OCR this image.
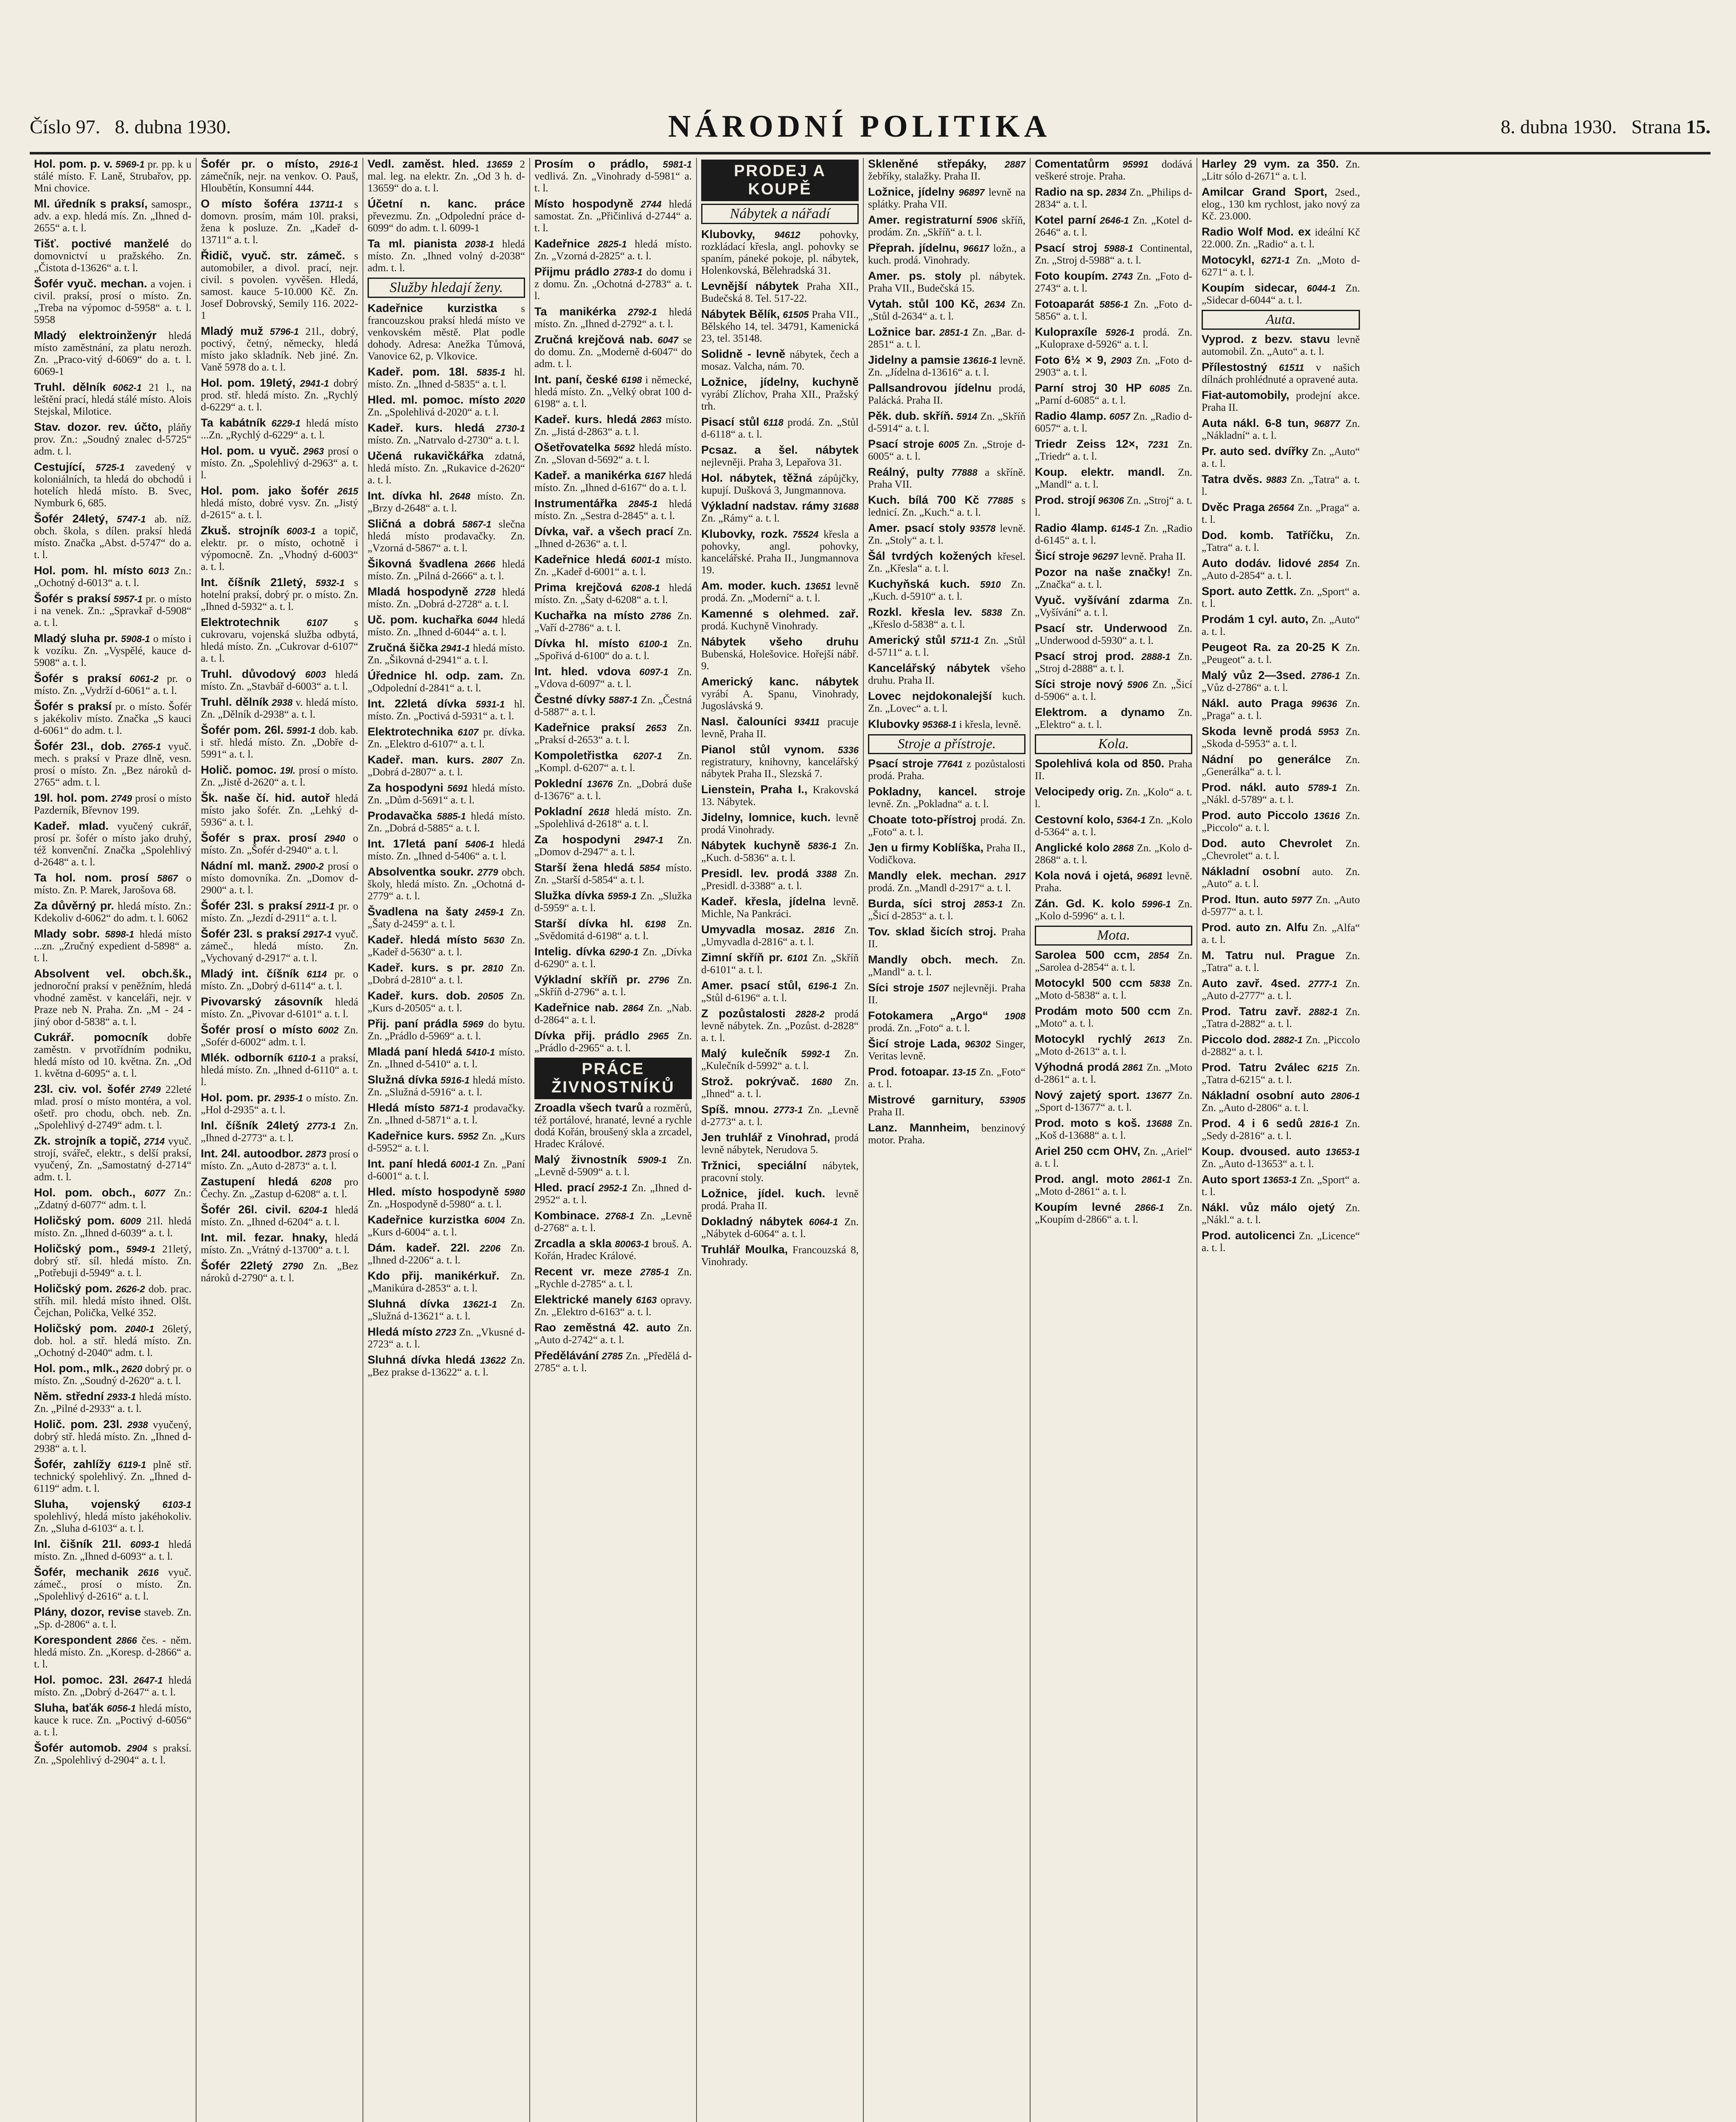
Číslo 97. 8. dubna 1930.	NÁRODNÍ POLITIKA	8. dubna 1930. Strana 15.
Hol. pom. p. v. 5969-1 pr. pp. k u stálé místo. F. Laně, Strubařov, pp. Mni chovice.
Ml. úředník s praksí, samospr., adv. a exp. hledá mís. Zn. „Ihned d-2655“ a. t. l.
Tišť. poctivé manželé do domovnictví u pražského. Zn. „Čistota d-13626“ a. t. l.
Šofér vyuč. mechan. a vojen. i civil. praksí, prosí o místo. Zn. „Treba na výpomoc d-5958“ a. t. l. 5958
Mladý elektroinženýr hledá místo zaměstnání, za platu nerozh. Zn. „Praco-vitý d-6069“ do a. t. l. 6069-1
Truhl. dělník 6062-1 21 l., na leštění prací, hledá stálé místo. Alois Stejskal, Milotice.
Stav. dozor. rev. účto, pláňy prov. Zn.: „Soudný znalec d-5725“ adm. t. l.
Cestující, 5725-1 zavedený v koloniálních, ta hledá do obchodů i hotelích hledá místo. B. Svec, Nymburk 6, 685.
Šofér 24letý, 5747-1 ab. níž. obch. škola, s dílen. praksí hledá místo. Značka „Abst. d-5747“ do a. t. l.
Hol. pom. hl. místo 6013 Zn.: „Ochotný d-6013“ a. t. l.
Šofér s praksí 5957-1 pr. o místo i na venek. Zn.: „Spravkař d-5908“ a. t. l.
Mladý sluha pr. 5908-1 o místo i k vozíku. Zn. „Vyspělé, kauce d-5908“ a. t. l.
Šofér s praksí 6061-2 pr. o místo. Zn. „Vydrží d-6061“ a. t. l.
Šofér s praksí pr. o místo. Šofér s jakékoliv místo. Značka „S kauci d-6061“ do adm. t. l.
Šofér 23l., dob. 2765-1 vyuč. mech. s praksí v Praze dlně, vesn. prosí o místo. Zn. „Bez nároků d-2765“ adm. t. l.
19l. hol. pom. 2749 prosí o místo Pazderník, Břevnov 199.
Kadeř. mlad. vyučený cukrář, prosí pr. šofér o místo jako druhý, též konvenční. Značka „Spolehlivý d-2648“ a. t. l.
Ta hol. nom. prosí 5867 o místo. Zn. P. Marek, Jarošova 68.
Za důvěrný pr. hledá místo. Zn.: Kdekoliv d-6062“ do adm. t. l. 6062
Mlady sobr. 5898-1 hledá místo ...zn. „Zručný expedient d-5898“ a. t. l.
Absolvent vel. obch.šk., jednoroční praksí v peněžním, hledá vhodné zaměst. v kanceláři, nejr. v Praze neb N. Praha. Zn. „M - 24 - jiný obor d-5838“ a. t. l.
Cukrář. pomocník dobře zaměstn. v prvotřídním podniku, hledá místo od 10. května. Zn. „Od 1. května d-6095“ a. t. l.
23l. civ. vol. šofér 2749 22leté mlad. prosí o místo montéra, a vol. ošetř. pro chodu, obch. neb. Zn. „Spolehlivý d-2749“ adm. t. l.
Zk. strojník a topič, 2714 vyuč. strojí, svářeč, elektr., s delší praksí, vyučený, Zn. „Samostatný d-2714“ adm. t. l.
Hol. pom. obch., 6077 Zn.: „Zdatný d-6077“ adm. t. l.
Holičský pom. 6009 21l. hledá místo. Zn. „Ihned d-6039“ a. t. l.
Holičský pom., 5949-1 21letý, dobrý stř. síl. hledá místo. Zn. „Potřebuji d-5949“ a. t. l.
Holičský pom. 2626-2 dob. prac. stříh. mil. hledá místo ihned. Olšt. Čejchan, Polička, Velké 352.
Holičský pom. 2040-1 26letý, dob. hol. a stř. hledá místo. Zn. „Ochotný d-2040“ adm. t. l.
Hol. pom., mlk., 2620 dobrý pr. o místo. Zn. „Soudný d-2620“ a. t. l.
Něm. střední 2933-1 hledá místo. Zn. „Pilné d-2933“ a. t. l.
Holič. pom. 23l. 2938 vyučený, dobrý stř. hledá místo. Zn. „Ihned d-2938“ a. t. l.
Šofér, zahlížy 6119-1 plně stř. technický spolehlivý. Zn. „Ihned d-6119“ adm. t. l.
Sluha, vojenský 6103-1 spolehlivý, hledá místo jakéhokoliv. Zn. „Sluha d-6103“ a. t. l.
Inl. čišník 21l. 6093-1 hledá místo. Zn. „Ihned d-6093“ a. t. l.
Šofér, mechanik 2616 vyuč. zámeč., prosí o místo. Zn. „Spolehlivý d-2616“ a. t. l.
Plány, dozor, revise staveb. Zn. „Sp. d-2806“ a. t. l.
Korespondent 2866 čes. - něm. hledá místo. Zn. „Koresp. d-2866“ a. t. l.
Hol. pomoc. 23l. 2647-1 hledá místo. Zn. „Dobrý d-2647“ a. t. l.
Sluha, baťák 6056-1 hledá místo, kauce k ruce. Zn. „Poctivý d-6056“ a. t. l.
Šofér automob. 2904 s praksí. Zn. „Spolehlivý d-2904“ a. t. l.
Šofér pr. o místo, 2916-1 zámečník, nejr. na venkov. O. Pauš, Hloubětín, Konsumní 444.
O místo šoféra 13711-1 s domovn. prosím, mám 10l. praksi, žena k posluze. Zn. „Kadeř d-13711“ a. t. l.
Řidič, vyuč. str. zámeč. s automobiler, a divol. prací, nejr. civil. s povolen. vyvěšen. Hledá, samost. kauce 5-10.000 Kč. Zn. Josef Dobrovský, Semily 116. 2022-1
Mladý muž 5796-1 21l., dobrý, poctivý, četný, německy, hledá místo jako skladník. Neb jiné. Zn. Vaně 5978 do a. t. l.
Hol. pom. 19letý, 2941-1 dobrý prod. stř. hledá místo. Zn. „Rychlý d-6229“ a. t. l.
Ta kabátník 6229-1 hledá místo ...Zn. „Rychlý d-6229“ a. t. l.
Hol. pom. u vyuč. 2963 prosí o místo. Zn. „Spolehlivý d-2963“ a. t. l.
Hol. pom. jako šofér 2615 hledá místo, dobré vysv. Zn. „Jistý d-2615“ a. t. l.
Zkuš. strojník 6003-1 a topič, elektr. pr. o místo, ochotně i výpomocně. Zn. „Vhodný d-6003“ a. t. l.
Int. číšník 21letý, 5932-1 s hotelní praksí, dobrý pr. o místo. Zn. „Ihned d-5932“ a. t. l.
Elektrotechnik	6107	s cukrovaru, vojenská služba odbytá, hledá místo. Zn. „Cukrovar d-6107“ a. t. l.
Truhl. důvodový 6003 hledá místo. Zn. „Stavbář d-6003“ a. t. l.
Truhl. dělník 2938 v. hledá místo. Zn. „Dělník d-2938“ a. t. l.
Šofér pom. 26l. 5991-1 dob. kab. i stř. hledá místo. Zn. „Dobře d-5991“ a. t. l.
Holič. pomoc. 19l. prosí o místo. Zn. „Jistě d-2620“ a. t. l.
Šk. naše čí. hid. autoř hledá místo jako šofér. Zn. „Lehký d-5936“ a. t. l.
Šofér s prax. prosí 2940 o místo. Zn. „Šofér d-2940“ a. t. l.
Nádní ml. manž. 2900-2 prosí o místo domovníka. Zn. „Domov d-2900“ a. t. l.
Šofér 23l. s praksí 2911-1 pr. o místo. Zn. „Jezdí d-2911“ a. t. l.
Šofér 23l. s praksí 2917-1 vyuč. zámeč., hledá místo. Zn. „Vychovaný d-2917“ a. t. l.
Mladý int. číšník 6114 pr. o místo. Zn. „Dobrý d-6114“ a. t. l.
Pivovarský zásovník hledá místo. Zn. „Pivovar d-6101“ a. t. l.
Šofér prosí o místo 6002 Zn. „Sofér d-6002“ adm. t. l.
Mlék. odborník 6110-1 a praksí, hledá místo. Zn. „Ihned d-6110“ a. t. l.
Hol. pom. pr. 2935-1 o místo. Zn. „Hol d-2935“ a. t. l.
Inl. číšník 24letý 2773-1 Zn. „Ihned d-2773“ a. t. l.
Int. 24l. autoodbor. 2873 prosí o místo. Zn. „Auto d-2873“ a. t. l.
Zastupení hledá 6208 pro Čechy. Zn. „Zastup d-6208“ a. t. l.
Šofér 26l. civil. 6204-1 hledá místo. Zn. „Ihned d-6204“ a. t. l.
Int. mil. fezar. hnaky, hledá místo. Zn. „Vrátný d-13700“ a. t. l.
Šofér 22letý 2790 Zn. „Bez nároků d-2790“ a. t. l.
Vedl. zaměst. hled. 13659 2 mal. leg. na elektr. Zn. „Od 3 h. d-13659“ do a. t. l.
Účetní n. kanc. práce převezmu. Zn. „Odpolední práce d-6099“ do adm. t. l. 6099-1
Ta ml. pianista 2038-1 hledá místo. Zn. „Ihned volný d-2038“ adm. t. l.
Služby hledají ženy.
Kadeřnice kurzistka s francouzskou praksí hledá místo ve venkovském městě. Plat podle dohody. Adresa: Anežka Tůmová, Vanovice 62, p. Vlkovice.
Kadeř. pom. 18l. 5835-1 hl. místo. Zn. „Ihned d-5835“ a. t. l.
Hled. ml. pomoc. místo 2020 Zn. „Spolehlivá d-2020“ a. t. l.
Kadeř. kurs. hledá 2730-1 místo. Zn. „Natrvalo d-2730“ a. t. l.
Učená rukavičkářka zdatná, hledá místo. Zn. „Rukavice d-2620“ a. t. l.
Int. dívka hl. 2648 místo. Zn. „Brzy d-2648“ a. t. l.
Sličná a dobrá 5867-1 slečna hledá místo prodavačky. Zn. „Vzorná d-5867“ a. t. l.
Šikovná švadlena 2666 hledá místo. Zn. „Pilná d-2666“ a. t. l.
Mladá hospodyně 2728 hledá místo. Zn. „Dobrá d-2728“ a. t. l.
Uč. pom. kuchařka 6044 hledá místo. Zn. „Ihned d-6044“ a. t. l.
Zručná šička 2941-1 hledá místo. Zn. „Šikovná d-2941“ a. t. l.
Úřednice hl. odp. zam. Zn. „Odpolední d-2841“ a. t. l.
Int. 22letá dívka 5931-1 hl. místo. Zn. „Poctivá d-5931“ a. t. l.
Elektrotechnika 6107 pr. dívka. Zn. „Elektro d-6107“ a. t. l.
Kadeř. man. kurs. 2807 Zn. „Dobrá d-2807“ a. t. l.
Za hospodyni 5691 hledá místo. Zn. „Dům d-5691“ a. t. l.
Prodavačka 5885-1 hledá místo. Zn. „Dobrá d-5885“ a. t. l.
Int. 17letá paní 5406-1 hledá místo. Zn. „Ihned d-5406“ a. t. l.
Absolventka soukr. 2779 obch. školy, hledá místo. Zn. „Ochotná d-2779“ a. t. l.
Švadlena na šaty 2459-1 Zn. „Šaty d-2459“ a. t. l.
Kadeř. hledá místo 5630 Zn. „Kadeř d-5630“ a. t. l.
Kadeř. kurs. s pr. 2810 Zn. „Dobrá d-2810“ a. t. l.
Kadeř. kurs. dob. 20505 Zn. „Kurs d-20505“ a. t. l.
Přij. paní prádla 5969 do bytu. Zn. „Prádlo d-5969“ a. t. l.
Mladá paní hledá 5410-1 místo. Zn. „Ihned d-5410“ a. t. l.
Služná dívka 5916-1 hledá místo. Zn. „Služná d-5916“ a. t. l.
Hledá místo 5871-1 prodavačky. Zn. „Ihned d-5871“ a. t. l.
Kadeřnice kurs. 5952 Zn. „Kurs d-5952“ a. t. l.
Int. paní hledá 6001-1 Zn. „Paní d-6001“ a. t. l.
Hled. místo hospodyně 5980 Zn. „Hospodyně d-5980“ a. t. l.
Kadeřnice kurzistka 6004 Zn. „Kurs d-6004“ a. t. l.
Dám. kadeř. 22l. 2206 Zn. „Ihned d-2206“ a. t. l.
Kdo přij. manikérkuř. Zn. „Manikúra d-2853“ a. t. l.
Sluhná dívka 13621-1 Zn. „Služná d-13621“ a. t. l.
Hledá místo 2723 Zn. „Vkusné d-2723“ a. t. l.
Sluhná dívka hledá 13622 Zn. „Bez prakse d-13622“ a. t. l.
Prosím o prádlo, 5981-1 vedlivá. Zn. „Vinohrady d-5981“ a. t. l.
Místo hospodyně 2744 hledá samostat. Zn. „Přičinlivá d-2744“ a. t. l.
Kadeřnice 2825-1 hledá místo. Zn. „Vzorná d-2825“ a. t. l.
Přijmu prádlo 2783-1 do domu i z domu. Zn. „Ochotná d-2783“ a. t. l.
Ta manikérka 2792-1 hledá místo. Zn. „Ihned d-2792“ a. t. l.
Zručná krejčová nab. 6047 se do domu. Zn. „Moderně d-6047“ do adm. t. l.
Int. paní, české 6198 i německé, hledá místo. Zn. „Velký obrat 100 d-6198“ a. t. l.
Kadeř. kurs. hledá 2863 místo. Zn. „Jistá d-2863“ a. t. l.
Ošetřovatelka 5692 hledá místo. Zn. „Slovan d-5692“ a. t. l.
Kadeř. a manikérka 6167 hledá místo. Zn. „Ihned d-6167“ do a. t. l.
Instrumentářka 2845-1 hledá místo. Zn. „Sestra d-2845“ a. t. l.
Dívka, vař. a všech prací Zn. „Ihned d-2636“ a. t. l.
Kadeřnice hledá 6001-1 místo. Zn. „Kadeř d-6001“ a. t. l.
Prima krejčová 6208-1 hledá místo. Zn. „Šaty d-6208“ a. t. l.
Kuchařka na místo 2786 Zn. „Vaří d-2786“ a. t. l.
Dívka hl. místo 6100-1 Zn. „Spořivá d-6100“ do a. t. l.
Int. hled. vdova 6097-1 Zn. „Vdova d-6097“ a. t. l.
Čestné dívky 5887-1 Zn. „Čestná d-5887“ a. t. l.
Kadeřnice praksí 2653 Zn. „Praksí d-2653“ a. t. l.
Kompoletřistka 6207-1 Zn. „Kompl. d-6207“ a. t. l.
Poklední 13676 Zn. „Dobrá duše d-13676“ a. t. l.
Pokladní 2618 hledá místo. Zn. „Spolehlivá d-2618“ a. t. l.
Za hospodyni 2947-1 Zn. „Domov d-2947“ a. t. l.
Starší žena hledá 5854 místo. Zn. „Starší d-5854“ a. t. l.
Služka dívka 5959-1 Zn. „Služka d-5959“ a. t. l.
Starší dívka hl. 6198 Zn. „Svědomitá d-6198“ a. t. l.
Intelig. dívka 6290-1 Zn. „Dívka d-6290“ a. t. l.
Výkladní skříň pr. 2796 Zn. „Skříň d-2796“ a. t. l.
Kadeřnice nab. 2864 Zn. „Nab. d-2864“ a. t. l.
Dívka přij. prádlo 2965 Zn. „Prádlo d-2965“ a. t. l.
PRÁCE ŽIVNOSTNÍKŮ
Zroadla všech tvarů a rozměrů, též portálové, hranaté, levné a rychle dodá Kořán, broušený skla a zrcadel, Hradec Králové.
Malý živnostník 5909-1 Zn. „Levně d-5909“ a. t. l.
Hled. prací 2952-1 Zn. „Ihned d-2952“ a. t. l.
Kombinace. 2768-1 Zn. „Levně d-2768“ a. t. l.
Zrcadla a skla 80063-1 brouš. A. Kořán, Hradec Králové.
Recent vr. meze 2785-1 Zn. „Rychle d-2785“ a. t. l.
Elektrické manely 6163 opravy. Zn. „Elektro d-6163“ a. t. l.
Rao zeměstná 42. auto Zn. „Auto d-2742“ a. t. l.
Předělávání 2785 Zn. „Předělá d-2785“ a. t. l.
PRODEJ A KOUPĚ
Nábytek a nářadí
Klubovky, 94612 pohovky, rozkládací křesla, angl. pohovky se spaním, páneké pokoje, pl. nábytek, Holenkovská, Bělehradská 31.
Levnější nábytek Praha XII., Budečská 8. Tel. 517-22.
Nábytek Bělík, 61505 Praha VII., Bělského 14, tel. 34791, Kamenická 23, tel. 35148.
Solidně - levně nábytek, čech a mosaz. Valcha, nám. 70.
Ložnice, jídelny, kuchyně vyrábí Zlíchov, Praha XII., Pražský trh.
Pisací stůl 6118 prodá. Zn. „Stůl d-6118“ a. t. l.
Pcsaz. a šel. nábytek nejlevněji. Praha 3, Lepařova 31.
Hol. nábytek, těžná zápůjčky, kupují. Dušková 3, Jungmannova.
Výkladní nadstav. rámy 31688 Zn. „Rámy“ a. t. l.
Klubovky, rozk. 75524 křesla a pohovky, angl. pohovky, kancelářské. Praha II., Jungmannova 19.
Am. moder. kuch. 13651 levně prodá. Zn. „Moderní“ a. t. l.
Kamenné s olehmed. zař. prodá. Kuchyně Vinohrady.
Nábytek všeho druhu Bubenská, Holešovice. Hořejší nábř. 9.
Americký kanc. nábytek vyrábí A. Spanu, Vinohrady, Jugoslávská 9.
Nasl. čalouníci 93411 pracuje levně, Praha II.
Pianol stůl vynom. 5336 registratury, knihovny, kancelářský nábytek Praha II., Slezská 7.
Lienstein, Praha I., Krakovská 13. Nábytek.
Jidelny, lomnice, kuch. levně prodá Vinohrady.
Nábytek kuchyně 5836-1 Zn. „Kuch. d-5836“ a. t. l.
Presidl. lev. prodá 3388 Zn. „Presidl. d-3388“ a. t. l.
Kadeř. křesla, jídelna levně. Michle, Na Pankráci.
Umyvadla mosaz. 2816 Zn. „Umyvadla d-2816“ a. t. l.
Zimní skříň pr. 6101 Zn. „Skříň d-6101“ a. t. l.
Amer. psací stůl, 6196-1 Zn. „Stůl d-6196“ a. t. l.
Z pozůstalosti 2828-2 prodá levně nábytek. Zn. „Pozůst. d-2828“ a. t. l.
Malý kulečník 5992-1 Zn. „Kulečník d-5992“ a. t. l.
Strož. pokrývač. 1680 Zn. „Ihned“ a. t. l.
Spíš. mnou. 2773-1 Zn. „Levně d-2773“ a. t. l.
Jen truhlář z Vinohrad, prodá levně nábytek, Nerudova 5.
Tržnici, speciální nábytek, pracovní stoly.
Ložnice, jídel. kuch. levně prodá. Praha II.
Dokladný nábytek 6064-1 Zn. „Nábytek d-6064“ a. t. l.
Truhlář Moulka, Francouzská 8, Vinohrady.
Skleněné střepáky, 2887 žebříky, stalažky. Praha II.
Ložnice, jídelny 96897 levně na splátky. Praha VII.
Amer. registraturní 5906 skříň, prodám. Zn. „Skříň“ a. t. l.
Přeprah. jídelnu, 96617 ložn., a kuch. prodá. Vinohrady.
Amer. ps. stoly pl. nábytek. Praha VII., Budečská 15.
Vytah. stůl 100 Kč, 2634 Zn. „Stůl d-2634“ a. t. l.
Ložnice bar. 2851-1 Zn. „Bar. d-2851“ a. t. l.
Jidelny a pamsie 13616-1 levně. Zn. „Jídelna d-13616“ a. t. l.
Pallsandrovou jídelnu prodá, Palácká. Praha II.
Pěk. dub. skříň. 5914 Zn. „Skříň d-5914“ a. t. l.
Psací stroje 6005 Zn. „Stroje d-6005“ a. t. l.
Reálný, pulty 77888 a skříně. Praha VII.
Kuch. bílá 700 Kč 77885 s lednicí. Zn. „Kuch.“ a. t. l.
Amer. psací stoly 93578 levně. Zn. „Stoly“ a. t. l.
Šál tvrdých kožených křesel. Zn. „Křesla“ a. t. l.
Kuchyňská kuch. 5910 Zn. „Kuch. d-5910“ a. t. l.
Rozkl. křesla lev. 5838 Zn. „Křeslo d-5838“ a. t. l.
Americký stůl 5711-1 Zn. „Stůl d-5711“ a. t. l.
Kancelářský nábytek všeho druhu. Praha II.
Lovec nejdokonalejší kuch. Zn. „Lovec“ a. t. l.
Klubovky 95368-1 i křesla, levně.
Stroje a přístroje.
Psací stroje 77641 z pozůstalosti prodá. Praha.
Pokladny, kancel. stroje levně. Zn. „Pokladna“ a. t. l.
Choate toto-přístroj prodá. Zn. „Foto“ a. t. l.
Jen u firmy Koblíška, Praha II., Vodičkova.
Mandly elek. mechan. 2917 prodá. Zn. „Mandl d-2917“ a. t. l.
Burda, síci stroj 2853-1 Zn. „Šicí d-2853“ a. t. l.
Tov. sklad šicích stroj. Praha II.
Mandly obch. mech. Zn. „Mandl“ a. t. l.
Síci stroje 1507 nejlevněji. Praha II.
Fotokamera „Argo“ 1908 prodá. Zn. „Foto“ a. t. l.
Šicí stroje Lada, 96302 Singer, Veritas levně.
Prod. fotoapar. 13-15 Zn. „Foto“ a. t. l.
Mistrové garnitury, 53905 Praha II.
Lanz. Mannheim, benzinový motor. Praha.
Comentatůrm 95991 dodává veškeré stroje. Praha.
Radio na sp. 2834 Zn. „Philips d-2834“ a. t. l.
Kotel parní 2646-1 Zn. „Kotel d-2646“ a. t. l.
Psací stroj 5988-1 Continental, Zn. „Stroj d-5988“ a. t. l.
Foto koupím. 2743 Zn. „Foto d-2743“ a. t. l.
Fotoaparát 5856-1 Zn. „Foto d-5856“ a. t. l.
Kulopraxíle 5926-1 prodá. Zn. „Kulopraxe d-5926“ a. t. l.
Foto 6½ × 9, 2903 Zn. „Foto d-2903“ a. t. l.
Parní stroj 30 HP 6085 Zn. „Parní d-6085“ a. t. l.
Radio 4lamp. 6057 Zn. „Radio d-6057“ a. t. l.
Triedr Zeiss 12×, 7231 Zn. „Triedr“ a. t. l.
Koup. elektr. mandl. Zn. „Mandl“ a. t. l.
Prod. strojí 96306 Zn. „Stroj“ a. t. l.
Radio 4lamp. 6145-1 Zn. „Radio d-6145“ a. t. l.
Šicí stroje 96297 levně. Praha II.
Pozor na naše značky! Zn. „Značka“ a. t. l.
Vyuč. vyšívání zdarma Zn. „Vyšívání“ a. t. l.
Psací str. Underwood Zn. „Underwood d-5930“ a. t. l.
Psací stroj prod. 2888-1 Zn. „Stroj d-2888“ a. t. l.
Síci stroje nový 5906 Zn. „Šicí d-5906“ a. t. l.
Elektrom. a dynamo Zn. „Elektro“ a. t. l.
Kola.
Spolehlivá kola od 850. Praha II.
Velocipedy orig. Zn. „Kolo“ a. t. l.
Cestovní kolo, 5364-1 Zn. „Kolo d-5364“ a. t. l.
Anglické kolo 2868 Zn. „Kolo d-2868“ a. t. l.
Kola nová i ojetá, 96891 levně. Praha.
Zán. Gd. K. kolo 5996-1 Zn. „Kolo d-5996“ a. t. l.
Mota.
Sarolea 500 ccm, 2854 Zn. „Sarolea d-2854“ a. t. l.
Motocykl 500 ccm 5838 Zn. „Moto d-5838“ a. t. l.
Prodám moto 500 ccm Zn. „Moto“ a. t. l.
Motocykl rychlý 2613 Zn. „Moto d-2613“ a. t. l.
Výhodná prodá 2861 Zn. „Moto d-2861“ a. t. l.
Nový zajetý sport. 13677 Zn. „Sport d-13677“ a. t. l.
Prod. moto s koš. 13688 Zn. „Koš d-13688“ a. t. l.
Ariel 250 ccm OHV, Zn. „Ariel“ a. t. l.
Prod. angl. moto 2861-1 Zn. „Moto d-2861“ a. t. l.
Koupím levné 2866-1 Zn. „Koupím d-2866“ a. t. l.
Harley 29 vym. za 350. Zn. „Litr sólo d-2671“ a. t. l.
Amilcar Grand Sport, 2sed., elog., 130 km rychlost, jako nový za Kč. 23.000.
Radio Wolf Mod. ex ideální Kč 22.000. Zn. „Radio“ a. t. l.
Motocykl, 6271-1 Zn. „Moto d-6271“ a. t. l.
Koupím sidecar, 6044-1 Zn. „Sidecar d-6044“ a. t. l.
Auta.
Vyprod. z bezv. stavu levně automobil. Zn. „Auto“ a. t. l.
Přílestostný 61511 v našich dílnách prohlédnuté a opravené auta.
Fiat-automobily, prodejní akce. Praha II.
Auta nákl. 6-8 tun, 96877 Zn. „Nákladní“ a. t. l.
Pr. auto sed. dvířky Zn. „Auto“ a. t. l.
Tatra dvěs. 9883 Zn. „Tatra“ a. t. l.
Dvěc Praga 26564 Zn. „Praga“ a. t. l.
Dod. komb. Tatříčku, Zn. „Tatra“ a. t. l.
Auto dodáv. lidové 2854 Zn. „Auto d-2854“ a. t. l.
Sport. auto Zettk. Zn. „Sport“ a. t. l.
Prodám 1 cyl. auto, Zn. „Auto“ a. t. l.
Peugeot Ra. za 20-25 K Zn. „Peugeot“ a. t. l.
Malý vůz 2—3sed. 2786-1 Zn. „Vůz d-2786“ a. t. l.
Nákl. auto Praga 99636 Zn. „Praga“ a. t. l.
Skoda levně prodá 5953 Zn. „Skoda d-5953“ a. t. l.
Nádní po generálce Zn. „Generálka“ a. t. l.
Prod. nákl. auto 5789-1 Zn. „Nákl. d-5789“ a. t. l.
Prod. auto Piccolo 13616 Zn. „Piccolo“ a. t. l.
Dod. auto Chevrolet Zn. „Chevrolet“ a. t. l.
Nákladní osobní auto. Zn. „Auto“ a. t. l.
Prod. Itun. auto 5977 Zn. „Auto d-5977“ a. t. l.
Prod. auto zn. Alfu Zn. „Alfa“ a. t. l.
M. Tatru nul. Prague Zn. „Tatra“ a. t. l.
Auto zavř. 4sed. 2777-1 Zn. „Auto d-2777“ a. t. l.
Prod. Tatru zavř. 2882-1 Zn. „Tatra d-2882“ a. t. l.
Piccolo dod. 2882-1 Zn. „Piccolo d-2882“ a. t. l.
Prod. Tatru 2válec 6215 Zn. „Tatra d-6215“ a. t. l.
Nákladní osobní auto 2806-1 Zn. „Auto d-2806“ a. t. l.
Prod. 4 i 6 sedů 2816-1 Zn. „Sedy d-2816“ a. t. l.
Koup. dvoused. auto 13653-1 Zn. „Auto d-13653“ a. t. l.
Auto sport 13653-1 Zn. „Sport“ a. t. l.
Nákl. vůz málo ojetý Zn. „Nákl.“ a. t. l.
Prod. autolicenci Zn. „Licence“ a. t. l.
